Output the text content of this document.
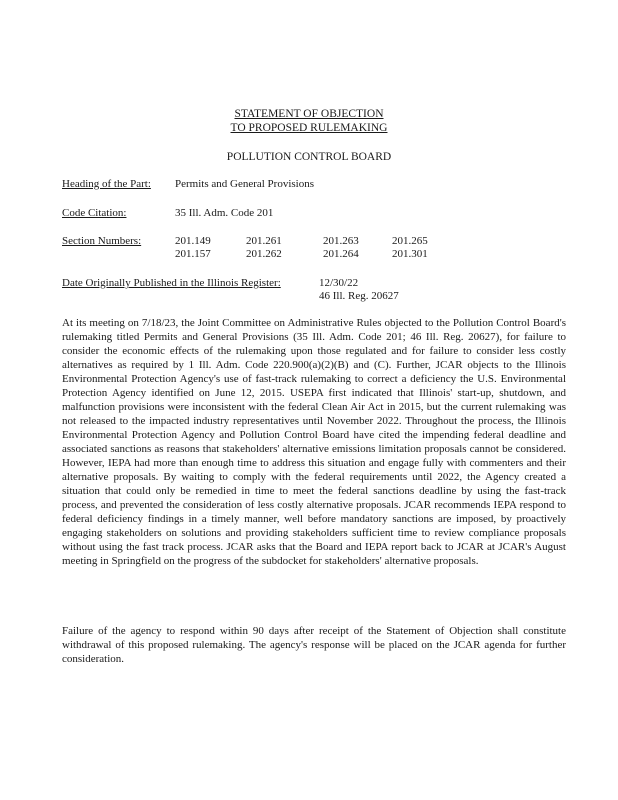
STATEMENT OF OBJECTION
TO PROPOSED RULEMAKING
POLLUTION CONTROL BOARD
Heading of the Part: Permits and General Provisions
Code Citation:	35 Ill. Adm. Code 201
Section Numbers:	201.149	201.261	201.263	201.265
201.157	201.262	201.264	201.301
Date Originally Published in the Illinois Register:	12/30/22
46 Ill. Reg. 20627

At its meeting on 7/18/23, the Joint Committee on Administrative Rules objected to the Pollution Control Board's rulemaking titled Permits and General Provisions (35 Ill. Adm. Code 201; 46 Ill. Reg. 20627), for failure to consider the economic effects of the rulemaking upon those regulated and for failure to consider less costly alternatives as required by 1 Ill. Adm. Code 220.900(a)(2)(B) and (C). Further, JCAR objects to the Illinois Environmental Protection Agency's use of fast-track rulemaking to correct a deficiency the U.S. Environmental Protection Agency identified on June 12, 2015. USEPA first indicated that Illinois' start-up, shutdown, and malfunction provisions were inconsistent with the federal Clean Air Act in 2015, but the current rulemaking was not released to the impacted industry representatives until November 2022. Throughout the process, the Illinois Environmental Protection Agency and Pollution Control Board have cited the impending federal deadline and associated sanctions as reasons that stakeholders' alternative emissions limitation proposals cannot be considered. However, IEPA had more than enough time to address this situation and engage fully with commenters and their alternative proposals. By waiting to comply with the federal requirements until 2022, the Agency created a situation that could only be remedied in time to meet the federal sanctions deadline by using the fast-track process, and prevented the consideration of less costly alternative proposals. JCAR recommends IEPA respond to federal deficiency findings in a timely manner, well before mandatory sanctions are imposed, by proactively engaging stakeholders on solutions and providing stakeholders sufficient time to review compliance proposals without using the fast track process. JCAR asks that the Board and IEPA report back to JCAR at JCAR's August meeting in Springfield on the progress of the subdocket for stakeholders' alternative proposals.

Failure of the agency to respond within 90 days after receipt of the Statement of Objection shall constitute withdrawal of this proposed rulemaking. The agency's response will be placed on the JCAR agenda for further consideration.
